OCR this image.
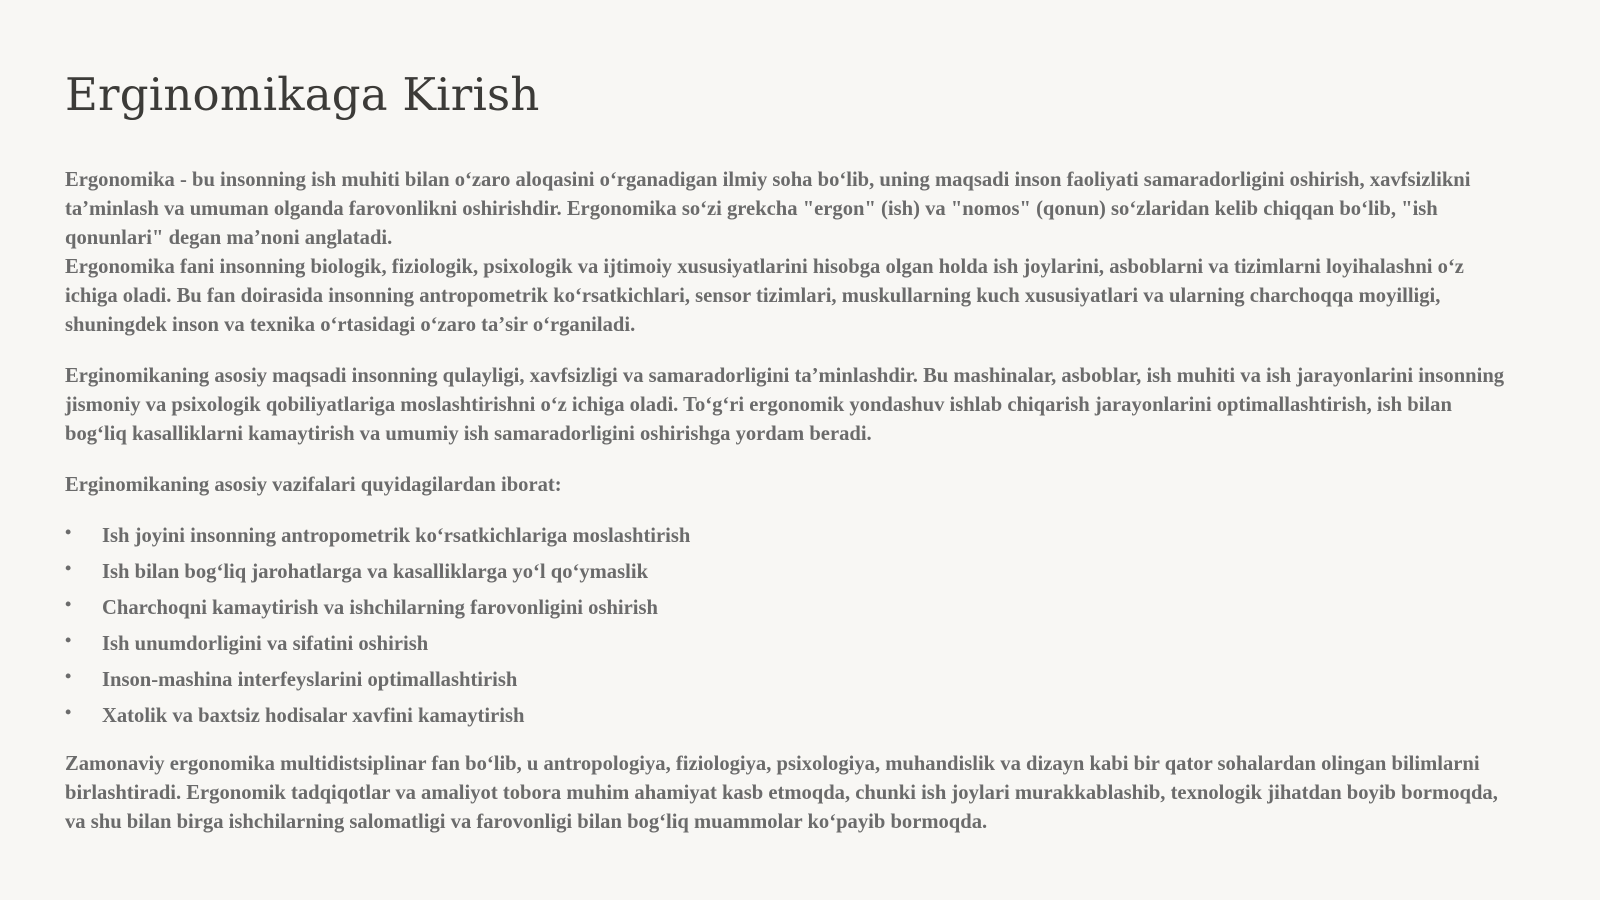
Erginomikaga Kirish

Ergonomika - bu insonning ish muhiti bilan oʻzaro aloqasini oʻrganadigan ilmiy soha boʻlib, uning maqsadi inson faoliyati samaradorligini oshirish, xavfsizlikni taʼminlash va umuman olganda farovonlikni oshirishdir. Ergonomika soʻzi grekcha "ergon" (ish) va "nomos" (qonun) soʻzlaridan kelib chiqqan boʻlib, "ish qonunlari" degan maʼnoni anglatadi.

Ergonomika fani insonning biologik, fiziologik, psixologik va ijtimoiy xususiyatlarini hisobga olgan holda ish joylarini, asboblarni va tizimlarni loyihalashni oʻz ichiga oladi. Bu fan doirasida insonning antropometrik koʻrsatkichlari, sensor tizimlari, muskullarning kuch xususiyatlari va ularning charchoqqa moyilligi, shuningdek inson va texnika oʻrtasidagi oʻzaro taʼsir oʻrganiladi.

Erginomikaning asosiy maqsadi insonning qulayligi, xavfsizligi va samaradorligini taʼminlashdir. Bu mashinalar, asboblar, ish muhiti va ish jarayonlarini insonning jismoniy va psixologik qobiliyatlariga moslashtirishni oʻz ichiga oladi. Toʻgʻri ergonomik yondashuv ishlab chiqarish jarayonlarini optimallashtirish, ish bilan bogʻliq kasalliklarni kamaytirish va umumiy ish samaradorligini oshirishga yordam beradi.

Erginomikaning asosiy vazifalari quyidagilardan iborat:

• Ish joyini insonning antropometrik koʻrsatkichlariga moslashtirish
• Ish bilan bogʻliq jarohatlarga va kasalliklarga yoʻl qoʻymaslik
• Charchoqni kamaytirish va ishchilarning farovonligini oshirish
• Ish unumdorligini va sifatini oshirish
• Inson-mashina interfeyslarini optimallashtirish
• Xatolik va baxtsiz hodisalar xavfini kamaytirish

Zamonaviy ergonomika multidistsiplinar fan boʻlib, u antropologiya, fiziologiya, psixologiya, muhandislik va dizayn kabi bir qator sohalardan olingan bilimlarni birlashtiradi. Ergonomik tadqiqotlar va amaliyot tobora muhim ahamiyat kasb etmoqda, chunki ish joylari murakkablashib, texnologik jihatdan boyib bormoqda, va shu bilan birga ishchilarning salomatligi va farovonligi bilan bogʻliq muammolar koʻpayib bormoqda.
